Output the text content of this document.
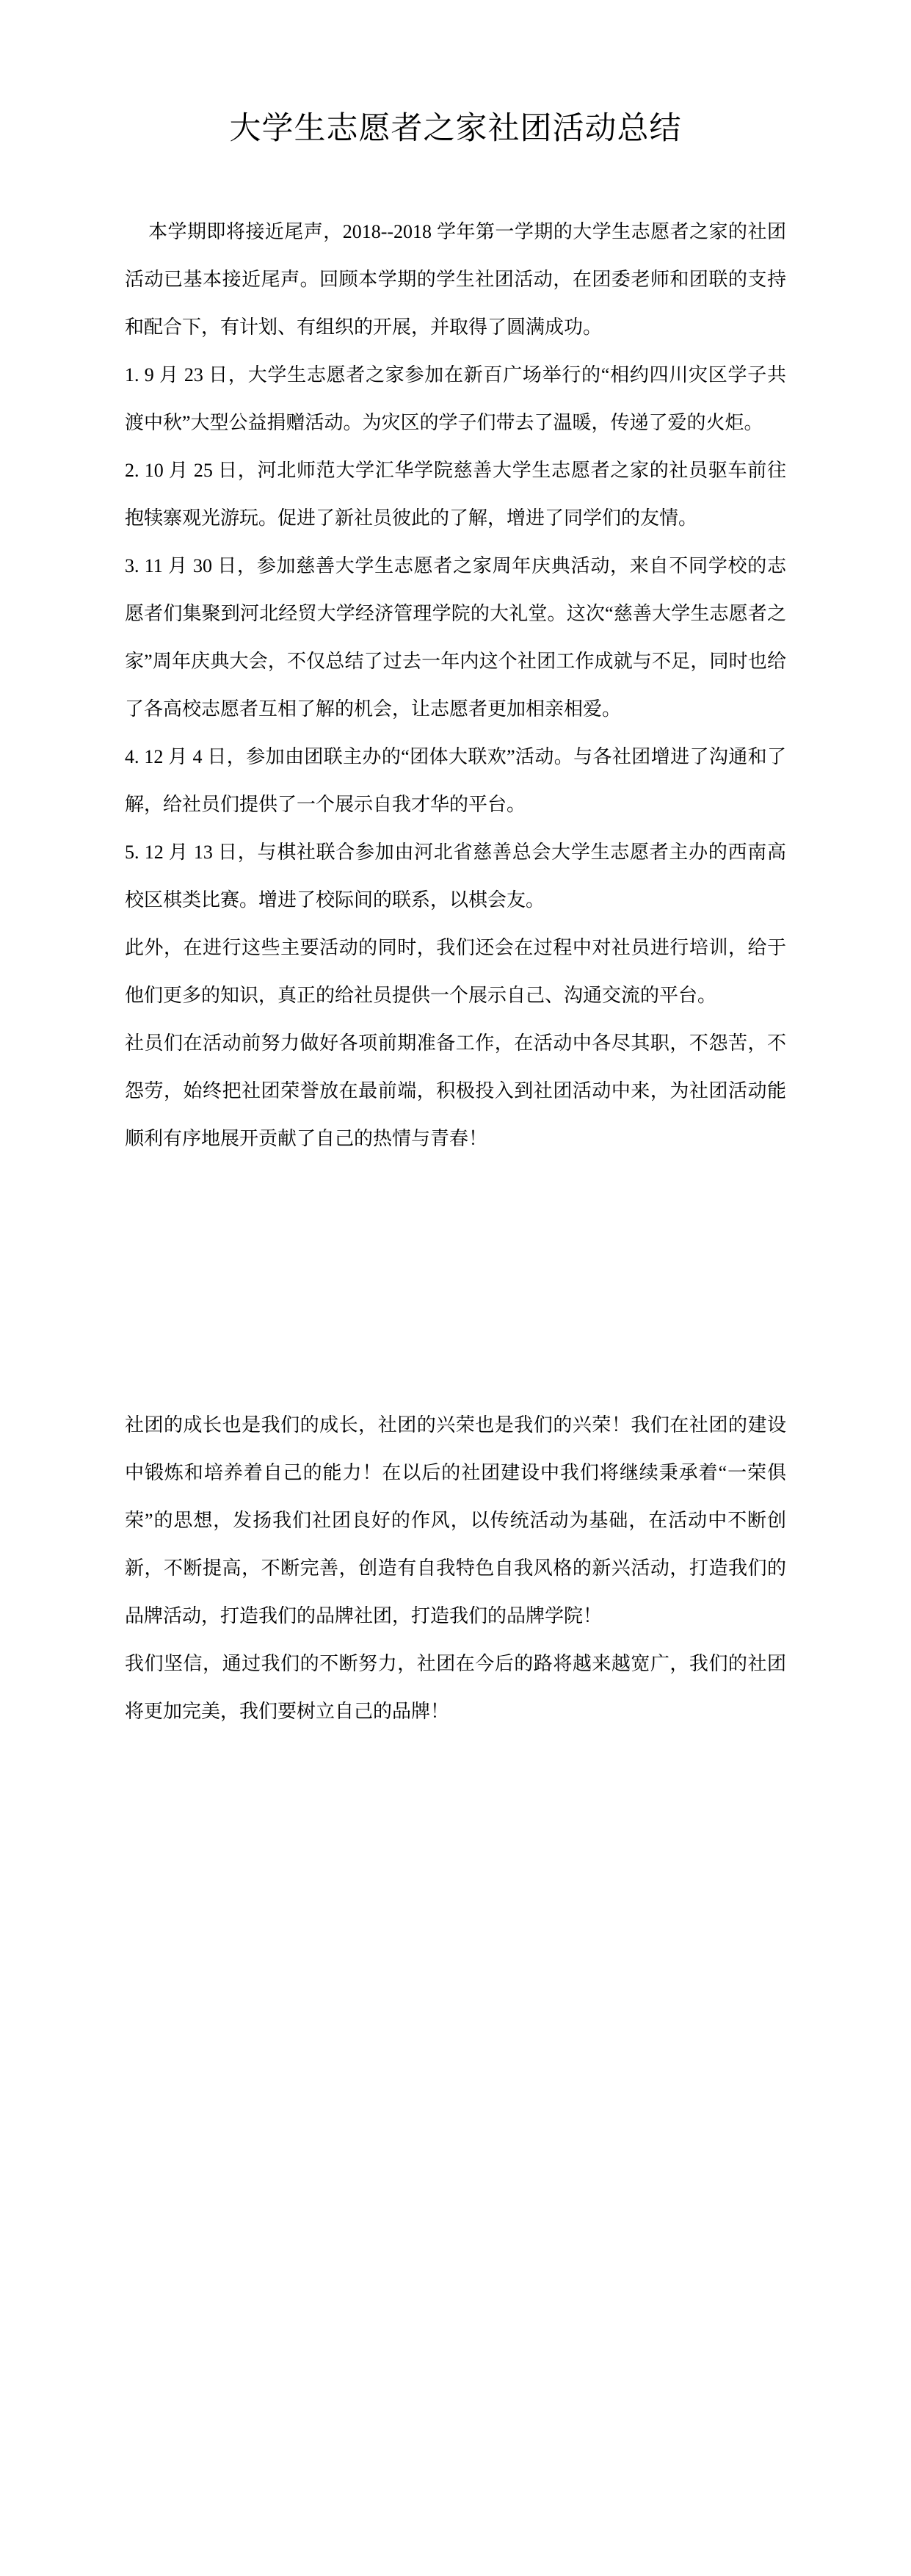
大学生志愿者之家社团活动总结

本学期即将接近尾声，2018--2018 学年第一学期的大学生志愿者之家的社团活动已基本接近尾声。回顾本学期的学生社团活动，在团委老师和团联的支持和配合下，有计划、有组织的开展，并取得了圆满成功。

1. 9 月 23 日，大学生志愿者之家参加在新百广场举行的“相约四川灾区学子共渡中秋”大型公益捐赠活动。为灾区的学子们带去了温暖，传递了爱的火炬。

2. 10 月 25 日，河北师范大学汇华学院慈善大学生志愿者之家的社员驱车前往抱犊寨观光游玩。促进了新社员彼此的了解，增进了同学们的友情。

3. 11 月 30 日，参加慈善大学生志愿者之家周年庆典活动，来自不同学校的志愿者们集聚到河北经贸大学经济管理学院的大礼堂。这次“慈善大学生志愿者之家”周年庆典大会，不仅总结了过去一年内这个社团工作成就与不足，同时也给了各高校志愿者互相了解的机会，让志愿者更加相亲相爱。

4. 12 月 4 日，参加由团联主办的“团体大联欢”活动。与各社团增进了沟通和了解，给社员们提供了一个展示自我才华的平台。

5. 12 月 13 日，与棋社联合参加由河北省慈善总会大学生志愿者主办的西南高校区棋类比赛。增进了校际间的联系，以棋会友。

此外，在进行这些主要活动的同时，我们还会在过程中对社员进行培训，给于他们更多的知识，真正的给社员提供一个展示自己、沟通交流的平台。

社员们在活动前努力做好各项前期准备工作，在活动中各尽其职，不怨苦，不怨劳，始终把社团荣誉放在最前端，积极投入到社团活动中来，为社团活动能顺利有序地展开贡献了自己的热情与青春！

社团的成长也是我们的成长，社团的兴荣也是我们的兴荣！我们在社团的建设中锻炼和培养着自己的能力！在以后的社团建设中我们将继续秉承着“一荣俱荣”的思想，发扬我们社团良好的作风，以传统活动为基础，在活动中不断创新，不断提高，不断完善，创造有自我特色自我风格的新兴活动，打造我们的品牌活动，打造我们的品牌社团，打造我们的品牌学院！

我们坚信，通过我们的不断努力，社团在今后的路将越来越宽广，我们的社团将更加完美，我们要树立自己的品牌！
